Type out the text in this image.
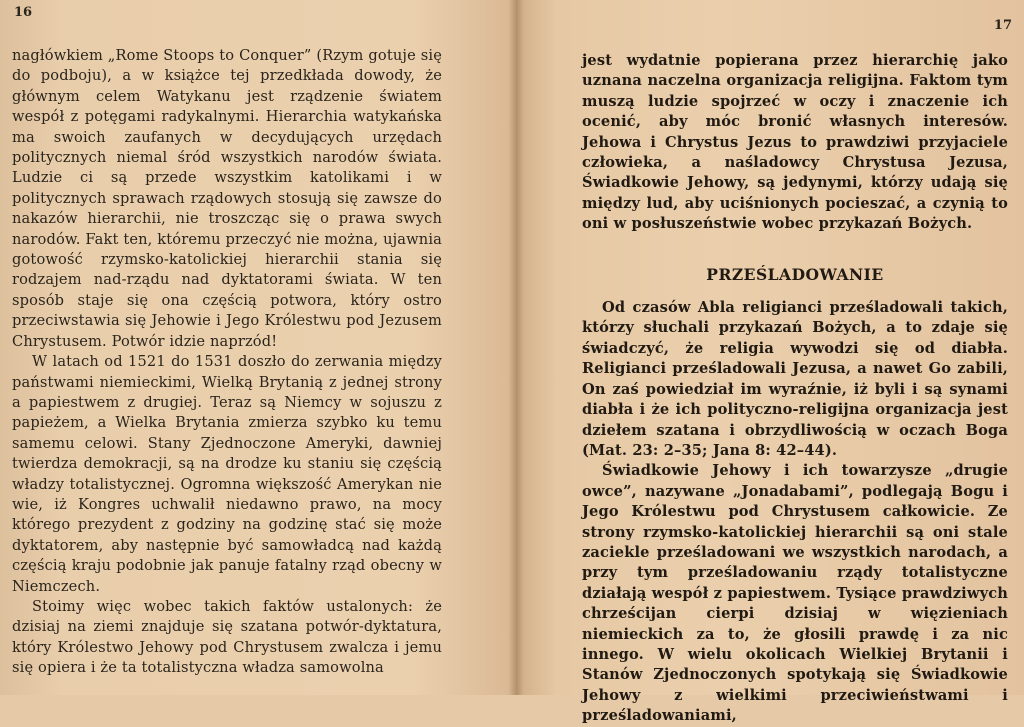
16

nagłówkiem „Rome Stoops to Conquer” (Rzym gotuje się do podboju), a w książce tej przedkłada dowody, że głównym celem Watykanu jest rządzenie światem wespół z potęgami radykalnymi. Hierarchia watykańska ma swoich zaufanych w decydujących urzędach politycznych niemal śród wszystkich narodów świata. Ludzie ci są przede wszystkim katolikami i w politycznych sprawach rządowych stosują się zawsze do nakazów hierarchii, nie troszcząc się o prawa swych narodów. Fakt ten, któremu przeczyć nie można, ujawnia gotowość rzymsko-katolickiej hierarchii stania się rodzajem nad-rządu nad dyktatorami świata. W ten sposób staje się ona częścią potwora, który ostro przeciwstawia się Jehowie i Jego Królestwu pod Jezusem Chrystusem. Potwór idzie naprzód!

W latach od 1521 do 1531 doszło do zerwania między państwami niemieckimi, Wielką Brytanią z jednej strony a papiestwem z drugiej. Teraz są Niemcy w sojuszu z papieżem, a Wielka Brytania zmierza szybko ku temu samemu celowi. Stany Zjednoczone Ameryki, dawniej twierdza demokracji, są na drodze ku staniu się częścią władzy totalistycznej. Ogromna większość Amerykan nie wie, iż Kongres uchwalił niedawno prawo, na mocy którego prezydent z godziny na godzinę stać się może dyktatorem, aby następnie być samowładcą nad każdą częścią kraju podobnie jak panuje fatalny rząd obecny w Niemczech.

Stoimy więc wobec takich faktów ustalonych: że dzisiaj na ziemi znajduje się szatana potwór-dyktatura, który Królestwo Jehowy pod Chrystusem zwalcza i jemu się opiera i że ta totalistyczna władza samowolna

17

jest wydatnie popierana przez hierarchię jako uznana naczelna organizacja religijna. Faktom tym muszą ludzie spojrzeć w oczy i znaczenie ich ocenić, aby móc bronić własnych interesów. Jehowa i Chrystus Jezus to prawdziwi przyjaciele człowieka, a naśladowcy Chrystusa Jezusa, Świadkowie Jehowy, są jedynymi, którzy udają się między lud, aby uciśnionych pocieszać, a czynią to oni w posłuszeństwie wobec przykazań Bożych.

PRZEŚLADOWANIE

Od czasów Abla religianci prześladowali takich, którzy słuchali przykazań Bożych, a to zdaje się świadczyć, że religia wywodzi się od diabła. Religianci prześladowali Jezusa, a nawet Go zabili, On zaś powiedział im wyraźnie, iż byli i są synami diabła i że ich polityczno-religijna organizacja jest dziełem szatana i obrzydliwością w oczach Boga (Mat. 23: 2–35; Jana 8: 42–44).

Świadkowie Jehowy i ich towarzysze „drugie owce”, nazywane „Jonadabami”, podlegają Bogu i Jego Królestwu pod Chrystusem całkowicie. Ze strony rzymsko-katolickiej hierarchii są oni stale zaciekle prześladowani we wszystkich narodach, a przy tym prześladowaniu rządy totalistyczne działają wespół z papiestwem. Tysiące prawdziwych chrześcijan cierpi dzisiaj w więzieniach niemieckich za to, że głosili prawdę i za nic innego. W wielu okolicach Wielkiej Brytanii i Stanów Zjednoczonych spotykają się Świadkowie Jehowy z wielkimi przeciwieństwami i prześladowaniami,
